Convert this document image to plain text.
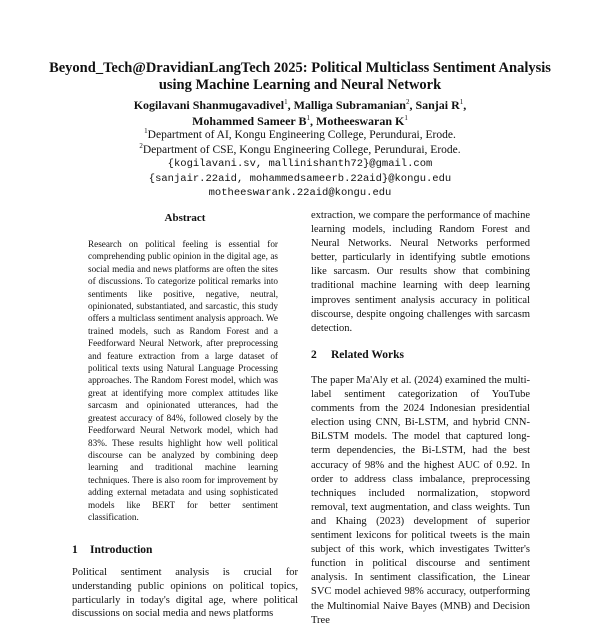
Beyond_Tech@DravidianLangTech 2025: Political Multiclass Sentiment Analysis using Machine Learning and Neural Network
Kogilavani Shanmugavadivel$^1$, Malliga Subramanian$^2$, Sanjai $R^1$,
Mohammed Sameer $B^1$, Motheeswaran $K^1$
$^1$Department of AI, Kongu Engineering College, Perundurai, Erode.
$^2$Department of CSE, Kongu Engineering College, Perundurai, Erode.
{kogilavani.sv, mallinishanth72}@gmail.com
{sanjair.22aid, mohammedsameerb.22aid}@kongu.edu
motheeswarank.22aid@kongu.edu
Abstract
Research on political feeling is essential for comprehending public opinion in the digital age, as social media and news platforms are often the sites of discussions. To categorize political remarks into sentiments like positive, negative, neutral, opinionated, substantiated, and sarcastic, this study offers a multiclass sentiment analysis approach. We trained models, such as Random Forest and a Feedforward Neural Network, after preprocessing and feature extraction from a large dataset of political texts using Natural Language Processing approaches. The Random Forest model, which was great at identifying more complex attitudes like sarcasm and opinionated utterances, had the greatest accuracy of 84%, followed closely by the Feedforward Neural Network model, which had 83%. These results highlight how well political discourse can be analyzed by combining deep learning and traditional machine learning techniques. There is also room for improvement by adding external metadata and using sophisticated models like BERT for better sentiment classification.
1 Introduction
Political sentiment analysis is crucial for understanding public opinions on political topics, particularly in today's digital age, where political discussions on social media and news platforms
extraction, we compare the performance of machine learning models, including Random Forest and Neural Networks. Neural Networks performed better, particularly in identifying subtle emotions like sarcasm. Our results show that combining traditional machine learning with deep learning improves sentiment analysis accuracy in political discourse, despite ongoing challenges with sarcasm detection.
2 Related Works
The paper Ma'Aly et al. (2024) examined the multi-label sentiment categorization of YouTube comments from the 2024 Indonesian presidential election using CNN, Bi-LSTM, and hybrid CNN-BiLSTM models. The model that captured long-term dependencies, the Bi-LSTM, had the best accuracy of 98% and the highest AUC of 0.92. In order to address class imbalance, preprocessing techniques included normalization, stopword removal, text augmentation, and class weights. Tun and Khaing (2023) development of superior sentiment lexicons for political tweets is the main subject of this work, which investigates Twitter's function in political discourse and sentiment analysis. In sentiment classification, the Linear SVC model achieved 98% accuracy, outperforming the Multinomial Naive Bayes (MNB) and Decision Tree
